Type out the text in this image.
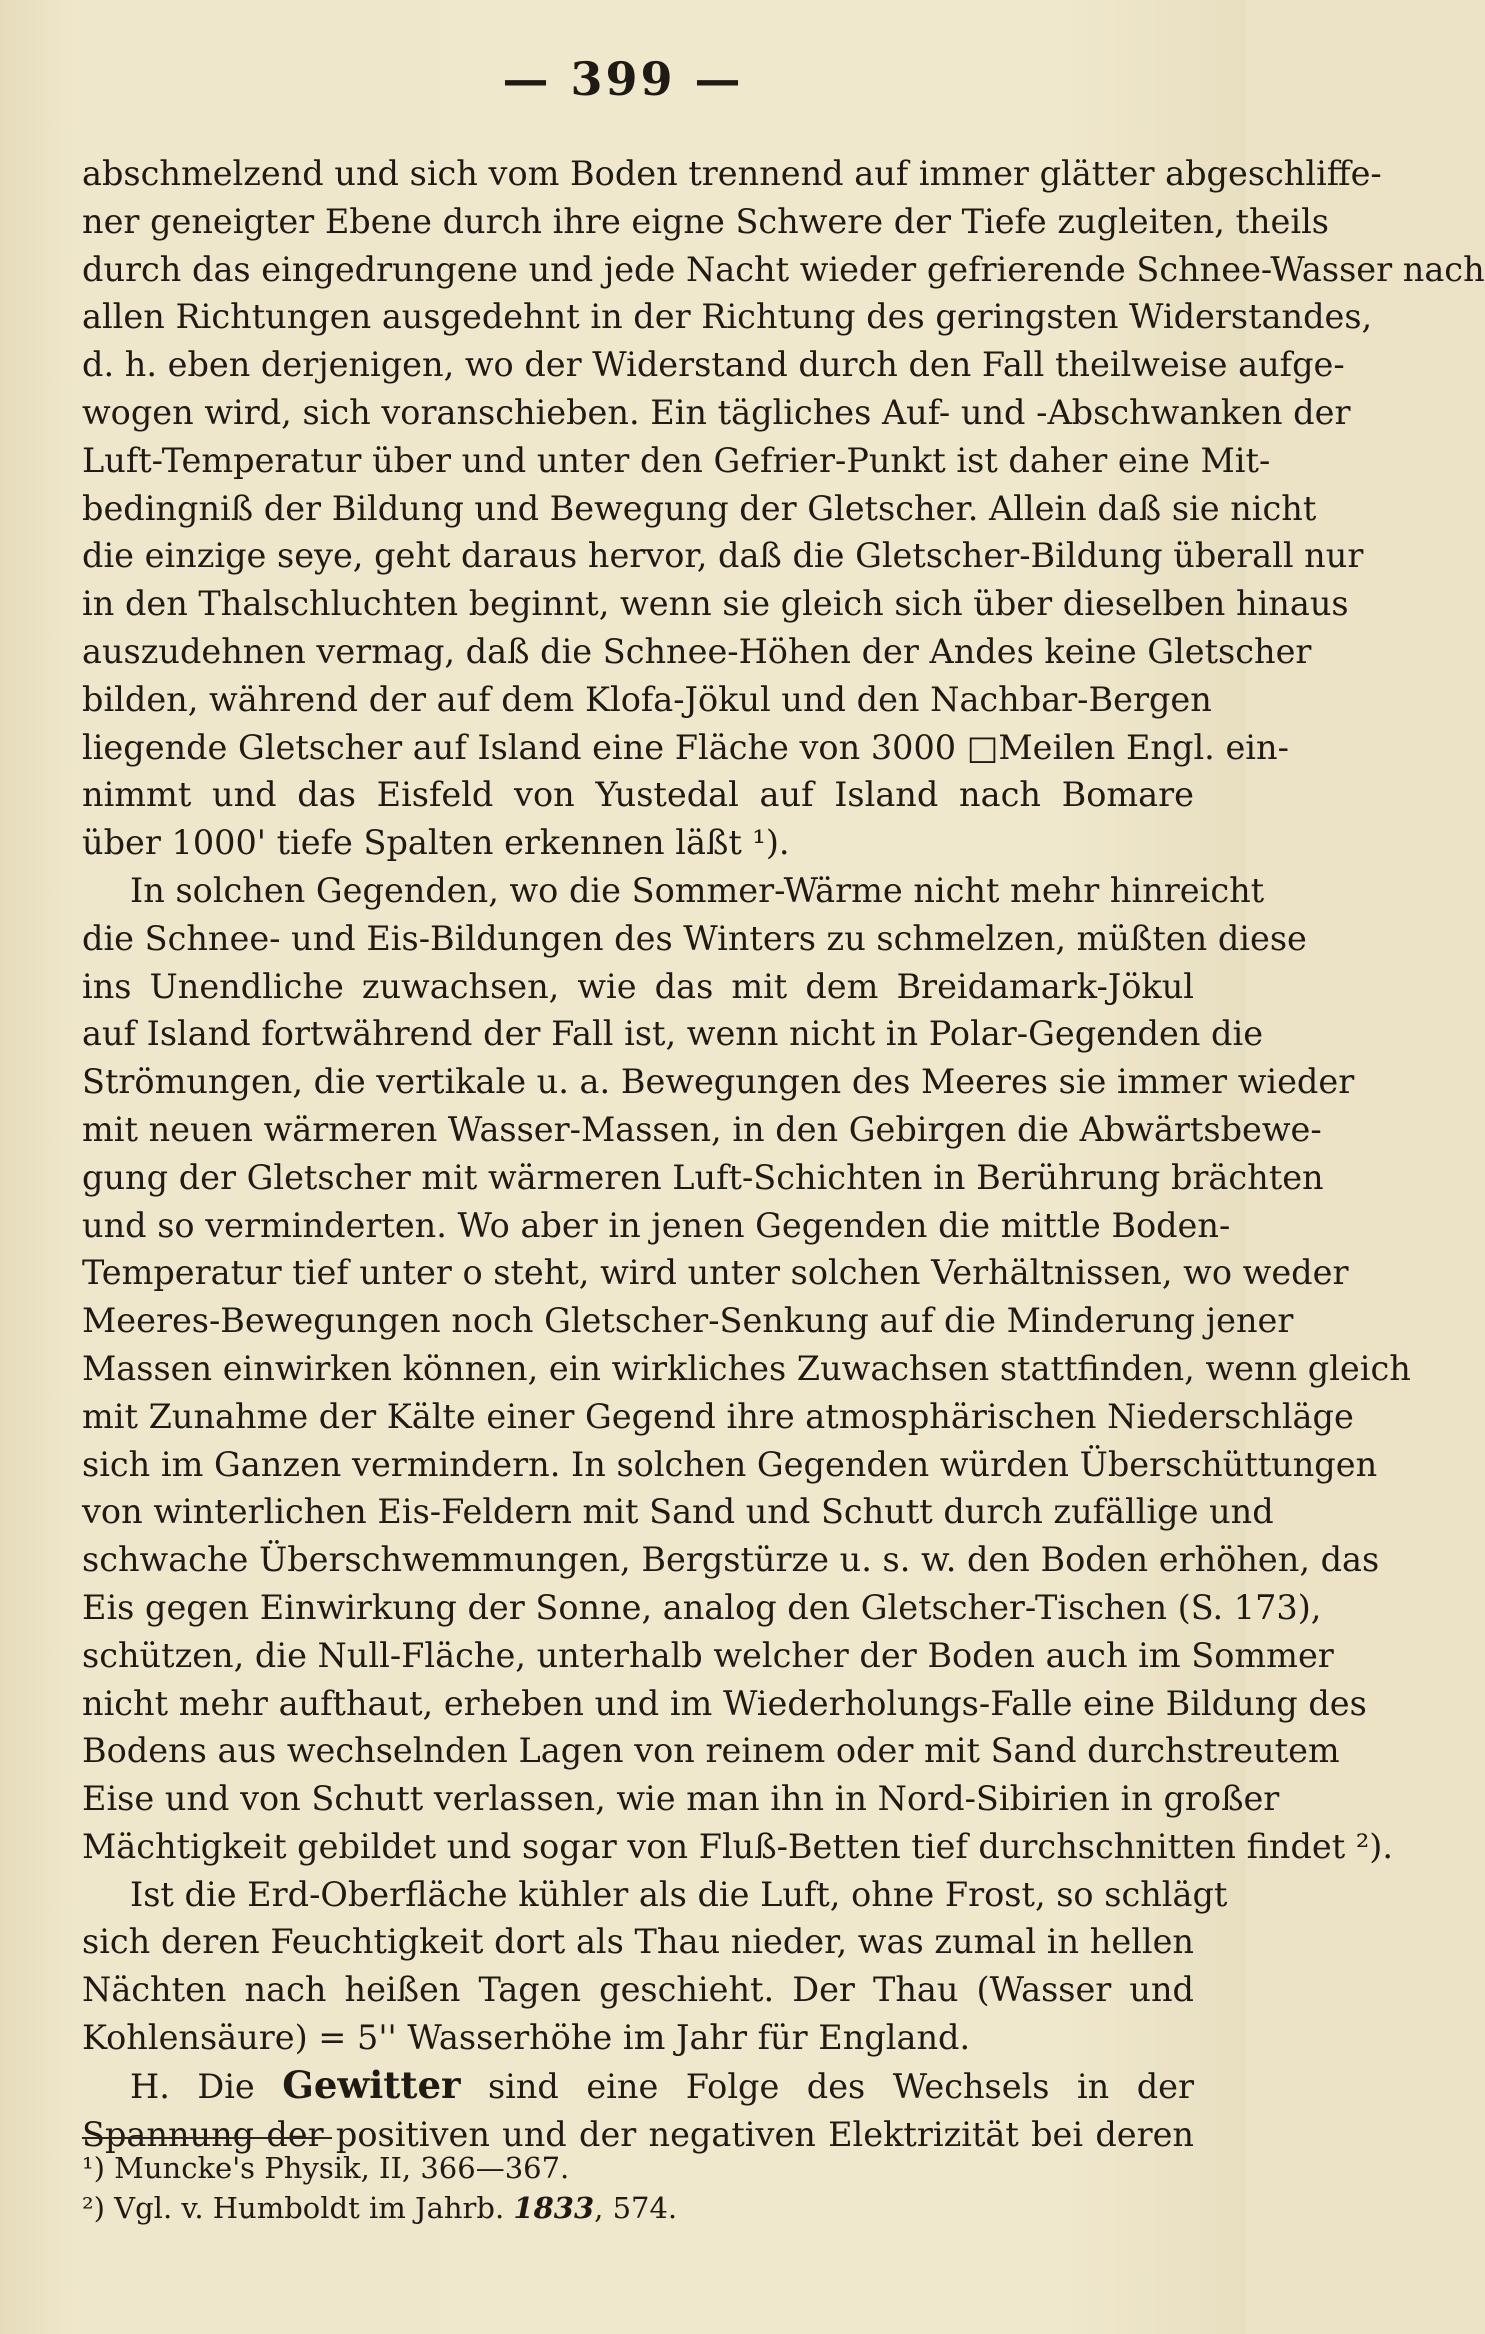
— 399 —

abschmelzend und sich vom Boden trennend auf immer glätter abgeschliffe-
ner geneigter Ebene durch ihre eigne Schwere der Tiefe zugleiten, theils
durch das eingedrungene und jede Nacht wieder gefrierende Schnee-Wasser nach
allen Richtungen ausgedehnt in der Richtung des geringsten Widerstandes,
d. h. eben derjenigen, wo der Widerstand durch den Fall theilweise aufge-
wogen wird, sich voranschieben. Ein tägliches Auf- und -Abschwanken der
Luft-Temperatur über und unter den Gefrier-Punkt ist daher eine Mit-
bedingniß der Bildung und Bewegung der Gletscher. Allein daß sie nicht
die einzige seye, geht daraus hervor, daß die Gletscher-Bildung überall nur
in den Thalschluchten beginnt, wenn sie gleich sich über dieselben hinaus
auszudehnen vermag, daß die Schnee-Höhen der Andes keine Gletscher
bilden, während der auf dem Klofa-Jökul und den Nachbar-Bergen
liegende Gletscher auf Island eine Fläche von 3000 □Meilen Engl. ein-
nimmt und das Eisfeld von Yustedal auf Island nach Bomare
über 1000' tiefe Spalten erkennen läßt ¹).

In solchen Gegenden, wo die Sommer-Wärme nicht mehr hinreicht
die Schnee- und Eis-Bildungen des Winters zu schmelzen, müßten diese
ins Unendliche zuwachsen, wie das mit dem Breidamark-Jökul
auf Island fortwährend der Fall ist, wenn nicht in Polar-Gegenden die
Strömungen, die vertikale u. a. Bewegungen des Meeres sie immer wieder
mit neuen wärmeren Wasser-Massen, in den Gebirgen die Abwärtsbewe-
gung der Gletscher mit wärmeren Luft-Schichten in Berührung brächten
und so verminderten. Wo aber in jenen Gegenden die mittle Boden-
Temperatur tief unter o steht, wird unter solchen Verhältnissen, wo weder
Meeres-Bewegungen noch Gletscher-Senkung auf die Minderung jener
Massen einwirken können, ein wirkliches Zuwachsen stattfinden, wenn gleich
mit Zunahme der Kälte einer Gegend ihre atmosphärischen Niederschläge
sich im Ganzen vermindern. In solchen Gegenden würden Überschüttungen
von winterlichen Eis-Feldern mit Sand und Schutt durch zufällige und
schwache Überschwemmungen, Bergstürze u. s. w. den Boden erhöhen, das
Eis gegen Einwirkung der Sonne, analog den Gletscher-Tischen (S. 173),
schützen, die Null-Fläche, unterhalb welcher der Boden auch im Sommer
nicht mehr aufthaut, erheben und im Wiederholungs-Falle eine Bildung des
Bodens aus wechselnden Lagen von reinem oder mit Sand durchstreutem
Eise und von Schutt verlassen, wie man ihn in Nord-Sibirien in großer
Mächtigkeit gebildet und sogar von Fluß-Betten tief durchschnitten findet ²).

Ist die Erd-Oberfläche kühler als die Luft, ohne Frost, so schlägt
sich deren Feuchtigkeit dort als Thau nieder, was zumal in hellen
Nächten nach heißen Tagen geschieht. Der Thau (Wasser und
Kohlensäure) = 5'' Wasserhöhe im Jahr für England.

H. Die Gewitter sind eine Folge des Wechsels in der
Spannung der positiven und der negativen Elektrizität bei deren

¹) Muncke's Physik, II, 366—367.
²) Vgl. v. Humboldt im Jahrb. 1833, 574.
